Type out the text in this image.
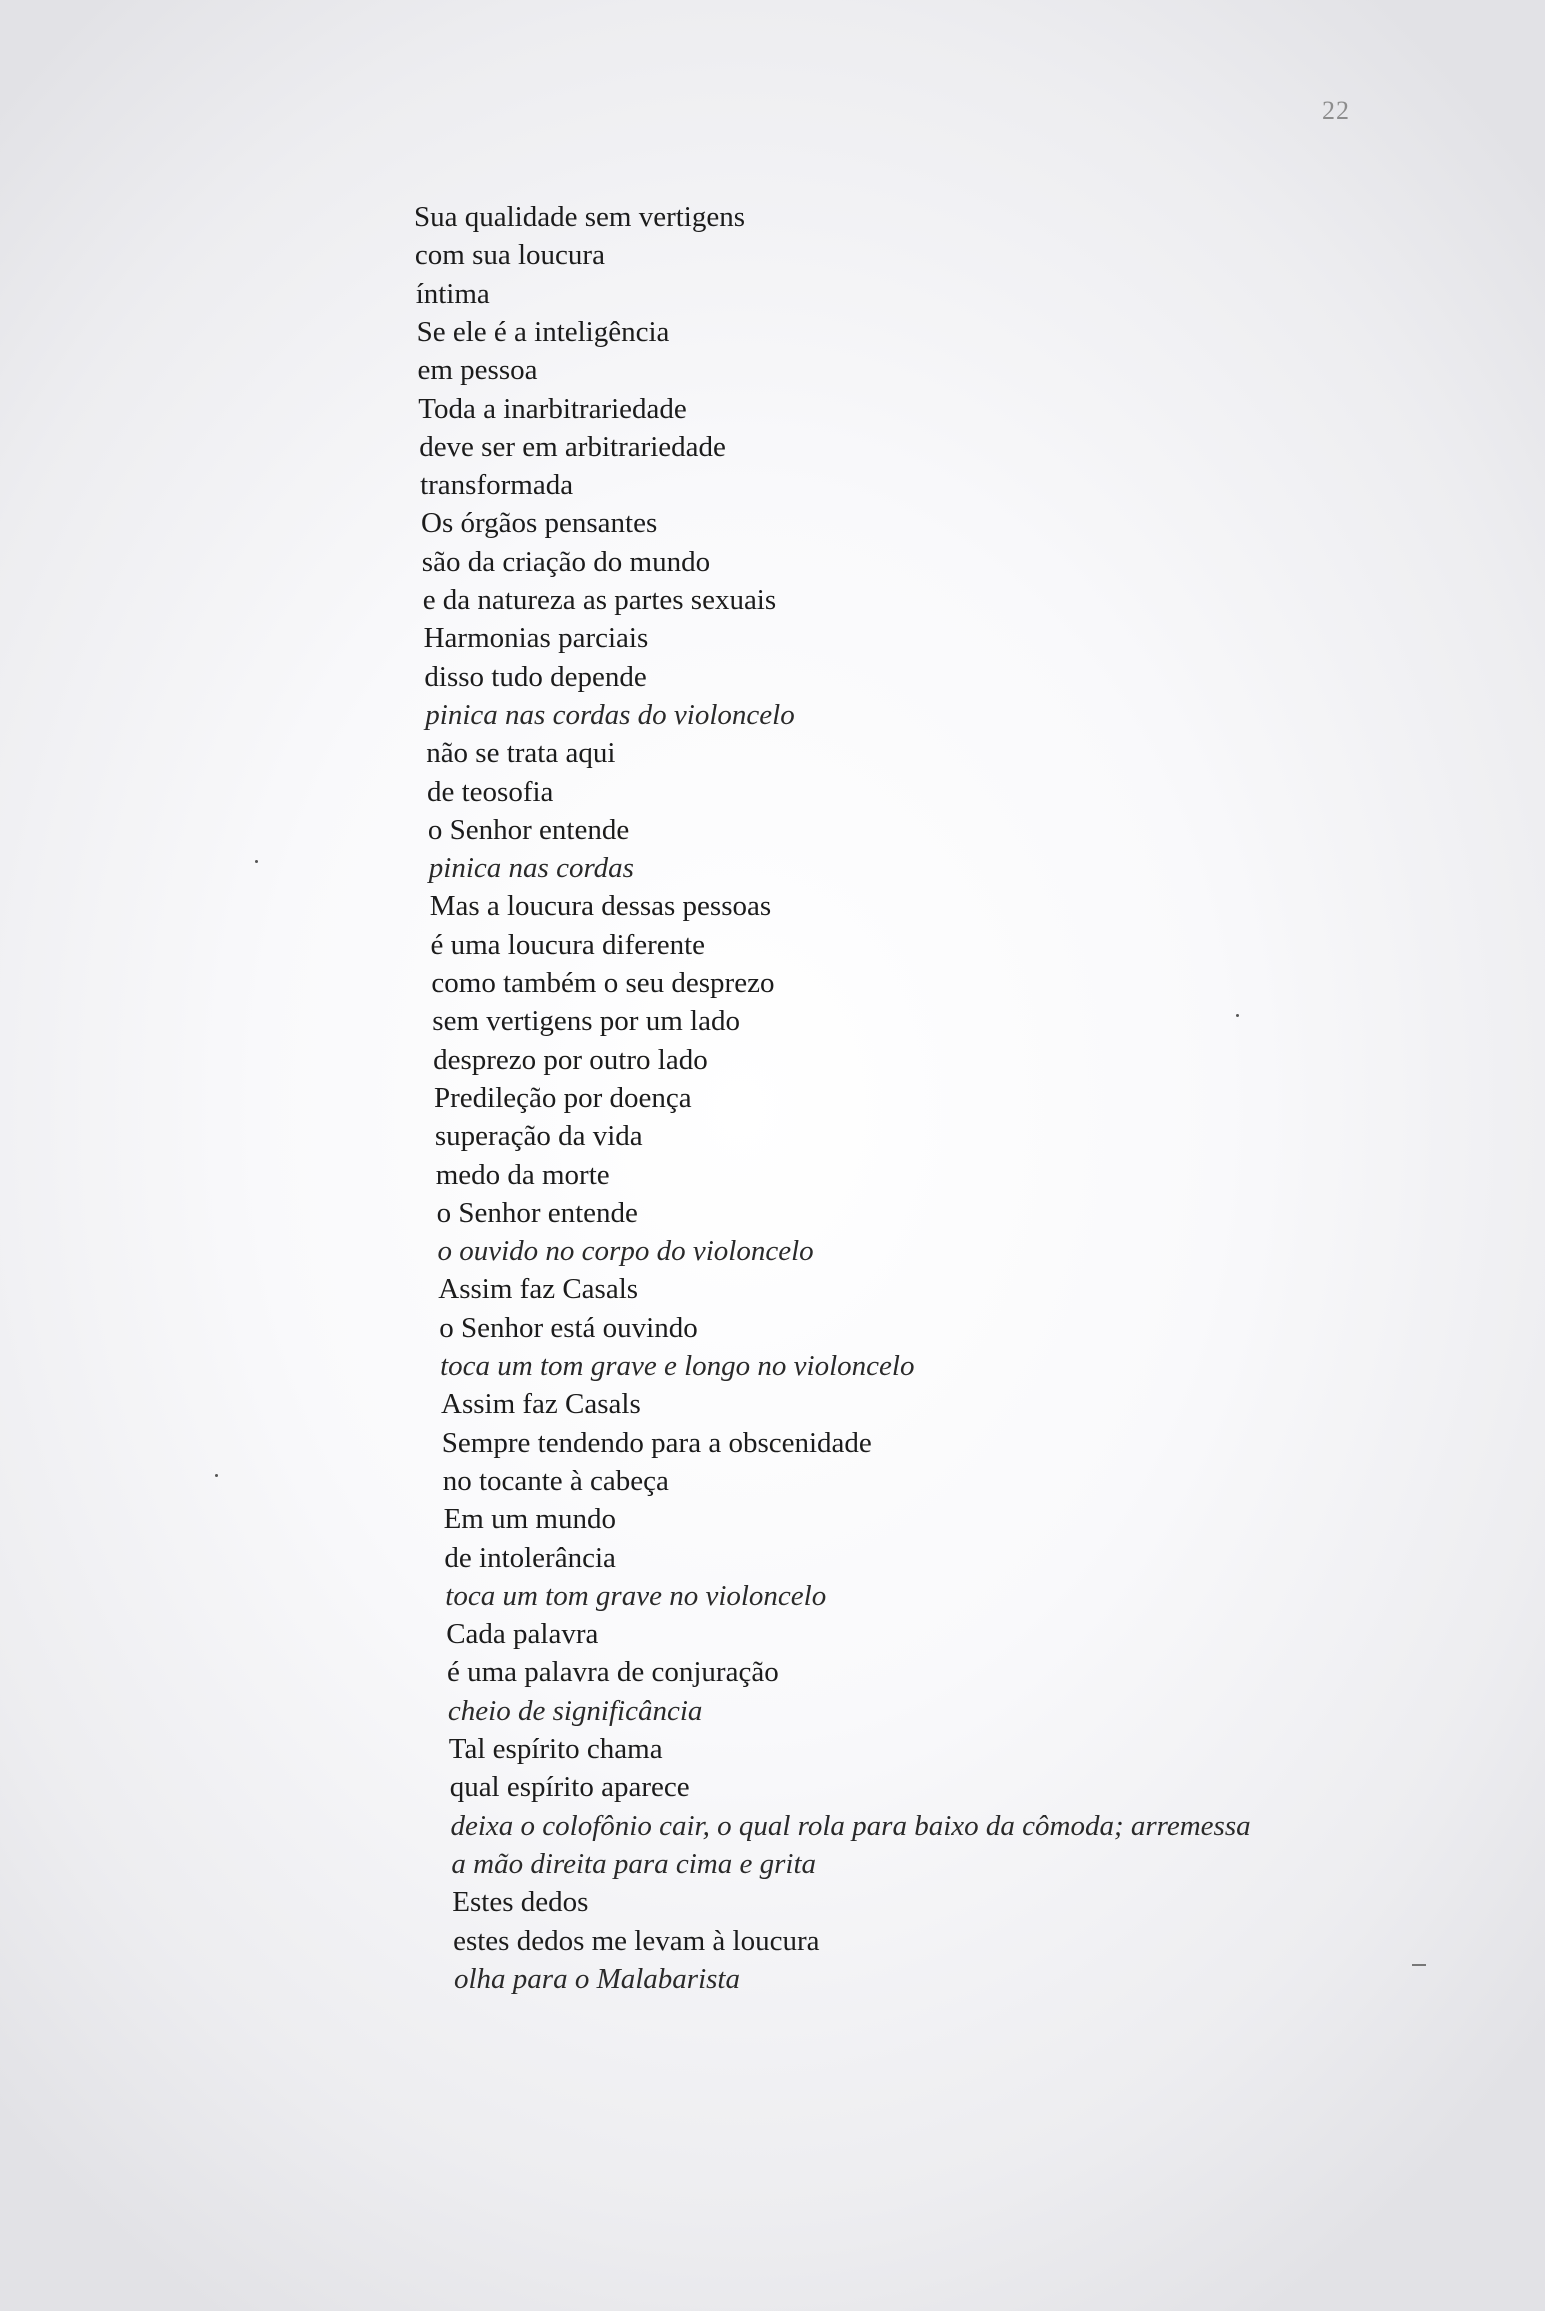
22
Sua qualidade sem vertigens
com sua loucura
íntima
Se ele é a inteligência
em pessoa
Toda a inarbitrariedade
deve ser em arbitrariedade
transformada
Os órgãos pensantes
são da criação do mundo
e da natureza as partes sexuais
Harmonias parciais
disso tudo depende
pinica nas cordas do violoncelo
não se trata aqui
de teosofia
o Senhor entende
pinica nas cordas
Mas a loucura dessas pessoas
é uma loucura diferente
como também o seu desprezo
sem vertigens por um lado
desprezo por outro lado
Predileção por doença
superação da vida
medo da morte
o Senhor entende
o ouvido no corpo do violoncelo
Assim faz Casals
o Senhor está ouvindo
toca um tom grave e longo no violoncelo
Assim faz Casals
Sempre tendendo para a obscenidade
no tocante à cabeça
Em um mundo
de intolerância
toca um tom grave no violoncelo
Cada palavra
é uma palavra de conjuração
cheio de significância
Tal espírito chama
qual espírito aparece
deixa o colofônio cair, o qual rola para baixo da cômoda; arremessa
a mão direita para cima e grita
Estes dedos
estes dedos me levam à loucura
olha para o Malabarista
